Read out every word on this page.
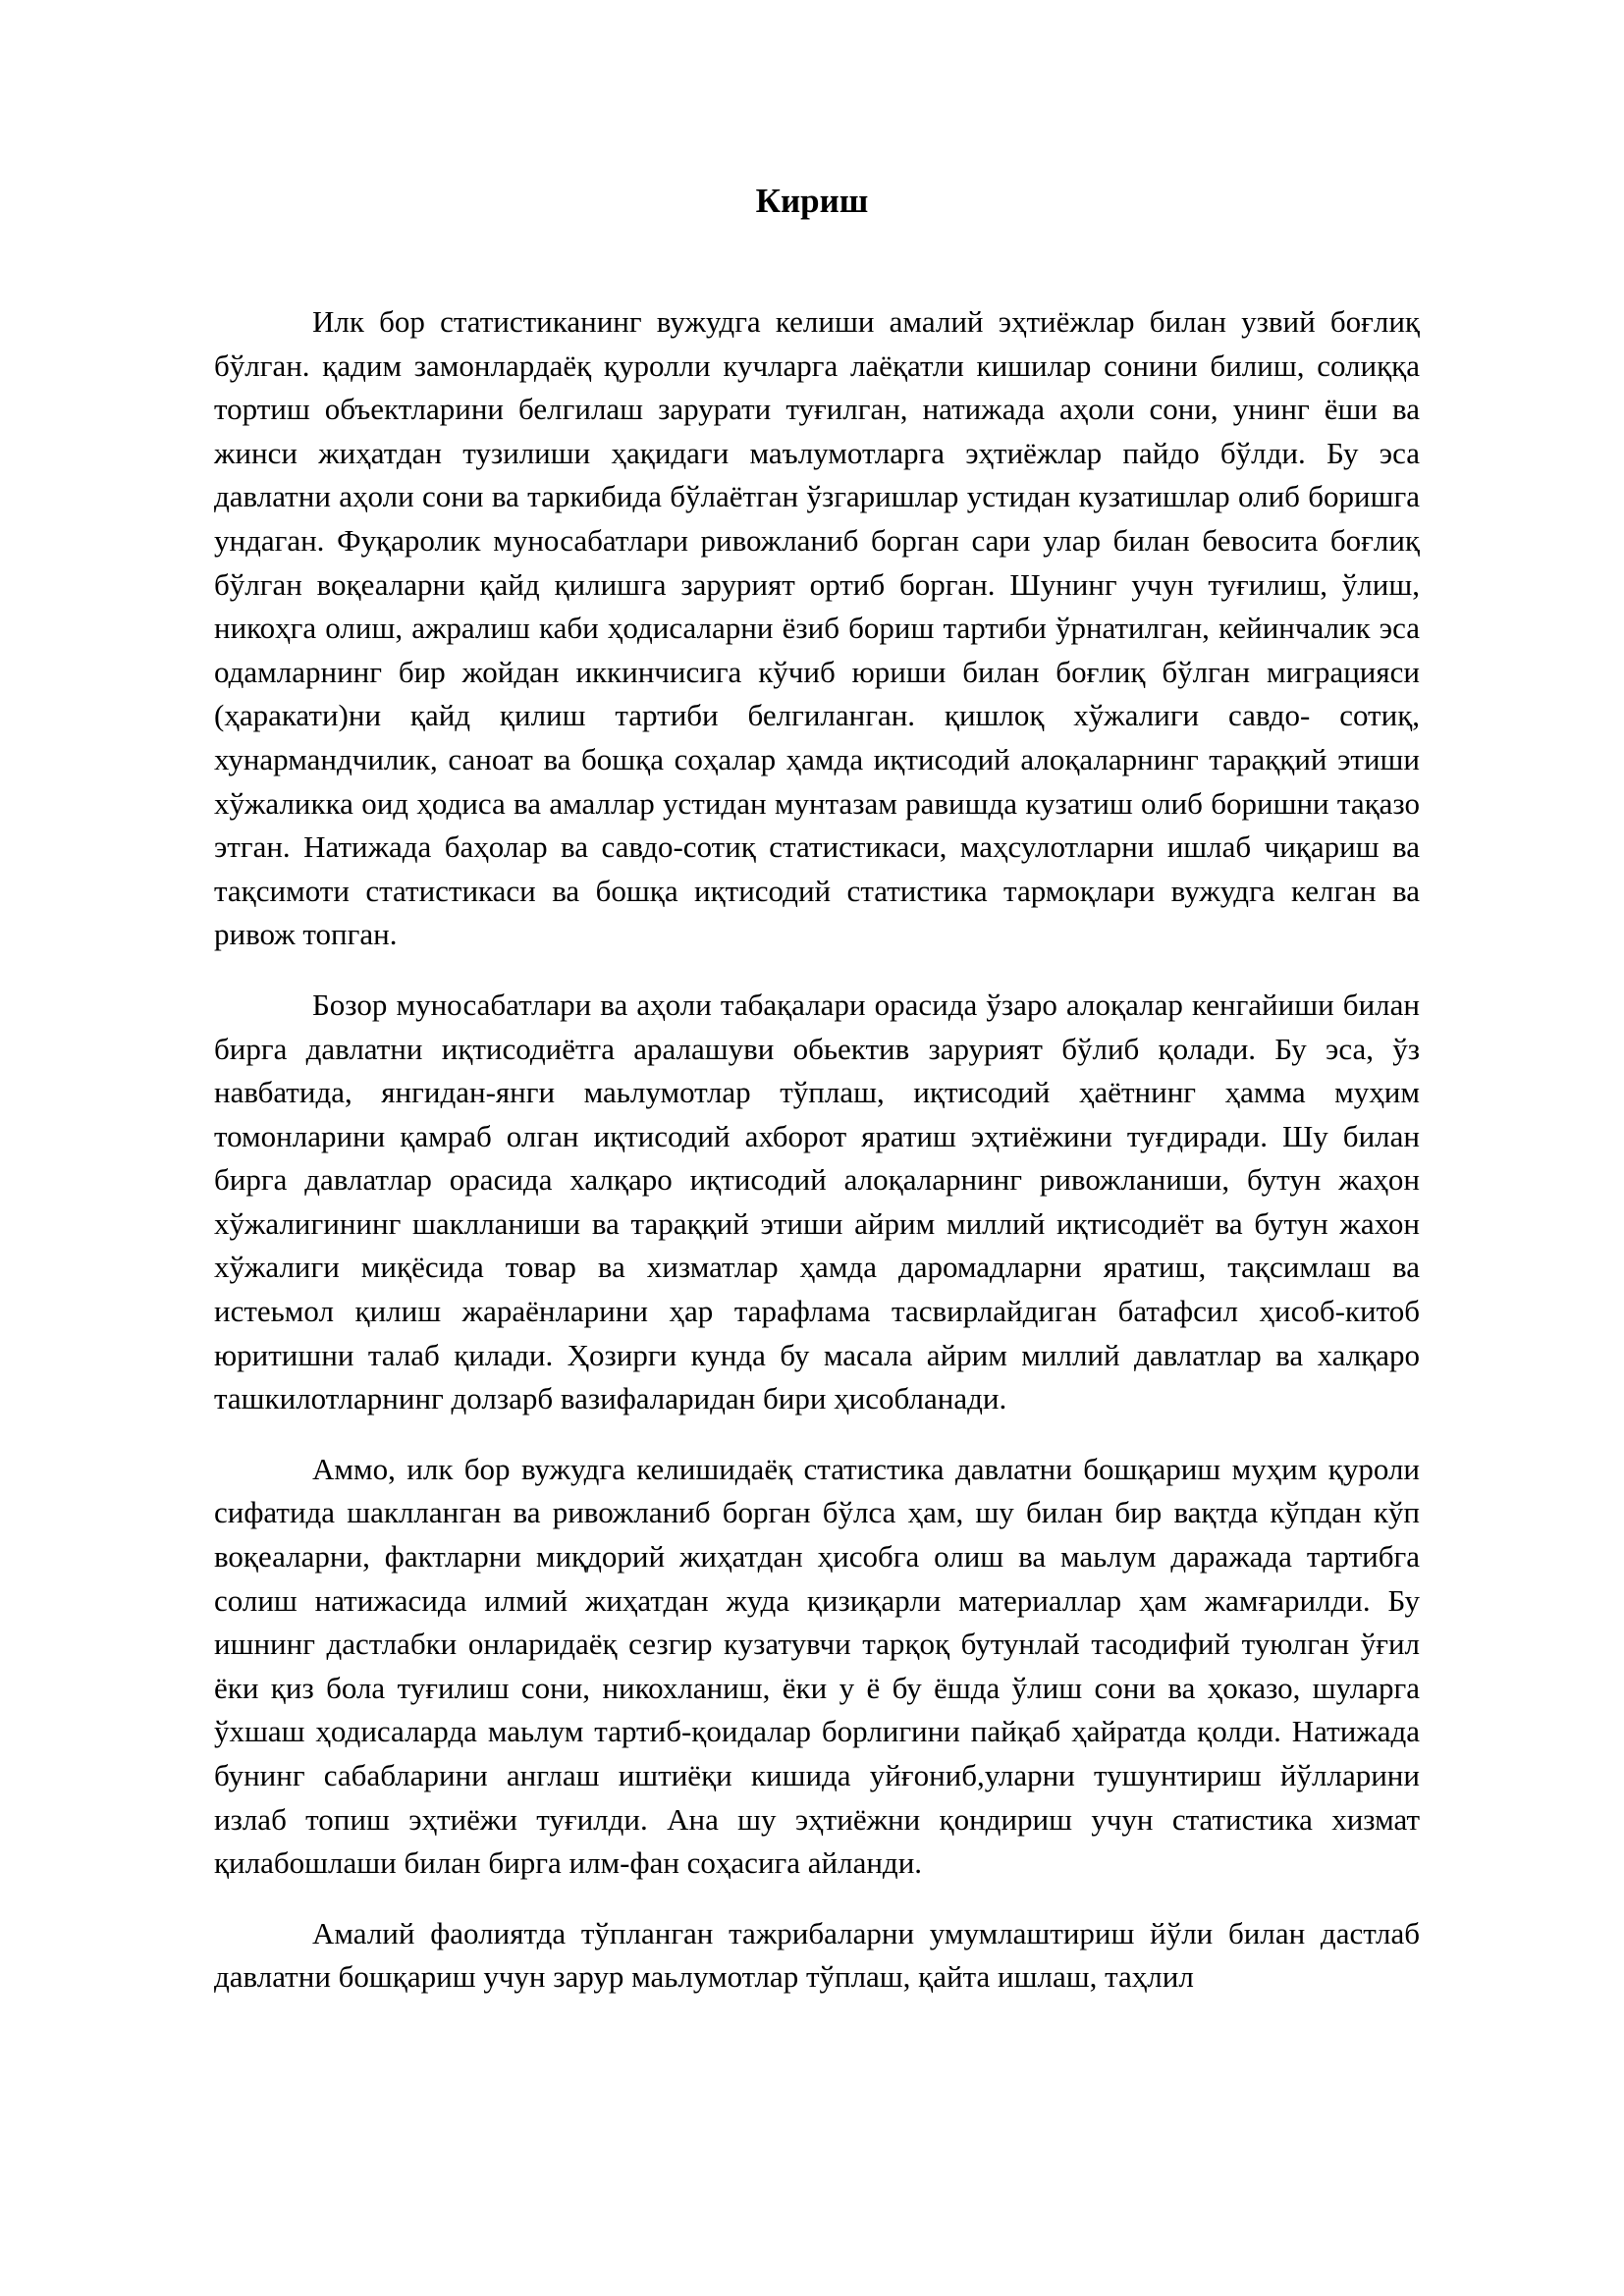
Кириш

Илк бор статистиканинг вужудга келиши амалий эҳтиёжлар билан узвий боғлиқ бўлган. қадим замонлардаёқ қуролли кучларга лаёқатли кишилар сонини билиш, солиққа тортиш объектларини белгилаш зарурати туғилган, натижада аҳоли сони, унинг ёши ва жинси жиҳатдан тузилиши ҳақидаги маълумотларга эҳтиёжлар пайдо бўлди. Бу эса давлатни аҳоли сони ва таркибида бўлаётган ўзгаришлар устидан кузатишлар олиб боришга ундаган. Фуқаролик муносабатлари ривожланиб борган сари улар билан бевосита боғлиқ бўлган воқеаларни қайд қилишга зарурият ортиб борган. Шунинг учун туғилиш, ўлиш, никоҳга олиш, ажралиш каби ҳодисаларни ёзиб бориш тартиби ўрнатилган, кейинчалик эса одамларнинг бир жойдан иккинчисига кўчиб юриши билан боғлиқ бўлган миграцияси (ҳаракати)ни қайд қилиш тартиби белгиланган. қишлоқ хўжалиги савдо- сотиқ, хунармандчилик, саноат ва бошқа соҳалар ҳамда иқтисодий алоқаларнинг тараққий этиши хўжаликка оид ҳодиса ва амаллар устидан мунтазам равишда кузатиш олиб боришни тақазо этган. Натижада баҳолар ва савдо-сотиқ статистикаси, маҳсулотларни ишлаб чиқариш ва тақсимоти статистикаси ва бошқа иқтисодий статистика тармоқлари вужудга келган ва ривож топган.

Бозор муносабатлари ва аҳоли табақалари орасида ўзаро алоқалар кенгайиши билан бирга давлатни иқтисодиётга аралашуви обьектив зарурият бўлиб қолади. Бу эса, ўз навбатида, янгидан-янги маьлумотлар тўплаш, иқтисодий ҳаётнинг ҳамма муҳим томонларини қамраб олган иқтисодий ахборот яратиш эҳтиёжини туғдиради. Шу билан бирга давлатлар орасида халқаро иқтисодий алоқаларнинг ривожланиши, бутун жаҳон хўжалигининг шаклланиши ва тараққий этиши айрим миллий иқтисодиёт ва бутун жахон хўжалиги миқёсида товар ва хизматлар ҳамда даромадларни яратиш, тақсимлаш ва истеьмол қилиш жараёнларини ҳар тарафлама тасвирлайдиган батафсил ҳисоб-китоб юритишни талаб қилади. Ҳозирги кунда бу масала айрим миллий давлатлар ва халқаро ташкилотларнинг долзарб вазифаларидан бири ҳисобланади.

Аммо, илк бор вужудга келишидаёқ статистика давлатни бошқариш муҳим қуроли сифатида шаклланган ва ривожланиб борган бўлса ҳам, шу билан бир вақтда кўпдан кўп воқеаларни, фактларни миқдорий жиҳатдан ҳисобга олиш ва маьлум даражада тартибга солиш натижасида илмий жиҳатдан жуда қизиқарли материаллар ҳам жамғарилди. Бу ишнинг дастлабки онларидаёқ сезгир кузатувчи тарқоқ бутунлай тасодифий туюлган ўғил ёки қиз бола туғилиш сони, никохланиш, ёки у ё бу ёшда ўлиш сони ва ҳоказо, шуларга ўхшаш ҳодисаларда маьлум тартиб-қоидалар борлигини пайқаб ҳайратда қолди. Натижада бунинг сабабларини англаш иштиёқи кишида уйғониб,уларни тушунтириш йўлларини излаб топиш эҳтиёжи туғилди. Ана шу эҳтиёжни қондириш учун статистика хизмат қилабошлаши билан бирга илм-фан соҳасига айланди.

Амалий фаолиятда тўпланган тажрибаларни умумлаштириш йўли билан дастлаб давлатни бошқариш учун зарур маьлумотлар тўплаш, қайта ишлаш, таҳлил
